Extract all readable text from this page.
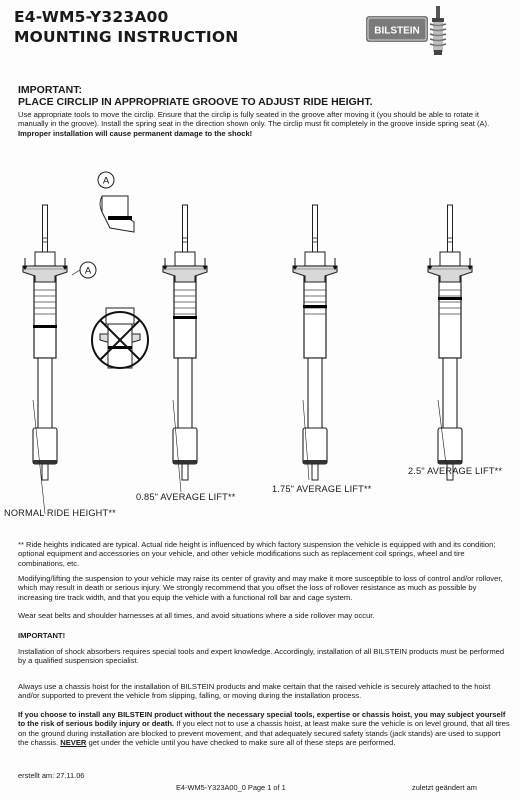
E4-WM5-Y323A00
MOUNTING INSTRUCTION	BILSTEIN
IMPORTANT:
PLACE CIRCLIP IN APPROPRIATE GROOVE TO ADJUST RIDE HEIGHT.
Use appropriate tools to move the circlip. Ensure that the circlip is fully seated in the groove after moving it (you should be able to rotate it manually in the groove). Install the spring seat in the direction shown only. The circlip must fit completely in the groove inside spring seat (A). Improper installation will cause permanent damage to the shock!
A
A
2.5" AVERAGE LIFT**
1.75" AVERAGE LIFT**
0.85" AVERAGE LIFT**
NORMAL RIDE HEIGHT**
** Ride heights indicated are typical. Actual ride height is influenced by which factory suspension the vehicle is equipped with and its condition; optional equipment and accessories on your vehicle, and other vehicle modifications such as replacement coil springs, wheel and tire combinations, etc.
Modifying/lifting the suspension to your vehicle may raise its center of gravity and may make it more susceptible to loss of control and/or rollover, which may result in death or serious injury. We strongly recommend that you offset the loss of rollover resistance as much as possible by increasing tire track width, and that you equip the vehicle with a functional roll bar and cage system.
Wear seat belts and shoulder harnesses at all times, and avoid situations where a side rollover may occur.
IMPORTANT!
Installation of shock absorbers requires special tools and expert knowledge. Accordingly, installation of all BILSTEIN products must be performed by a qualified suspension specialist.
Always use a chassis hoist for the installation of BILSTEIN products and make certain that the raised vehicle is securely attached to the hoist and/or supported to prevent the vehicle from slipping, falling, or moving during the installation process.
If you choose to install any BILSTEIN product without the necessary special tools, expertise or chassis hoist, you may subject yourself to the risk of serious bodily injury or death. If you elect not to use a chassis hoist, at least make sure the vehicle is on level ground, that all tires on the ground during installation are blocked to prevent movement, and that adequately secured safety stands (jack stands) are used to support the chassis. NEVER get under the vehicle until you have checked to make sure all of these steps are performed.
erstellt am: 27.11.06
E4-WM5-Y323A00_0 Page 1 of 1	zuletzt geändert am
